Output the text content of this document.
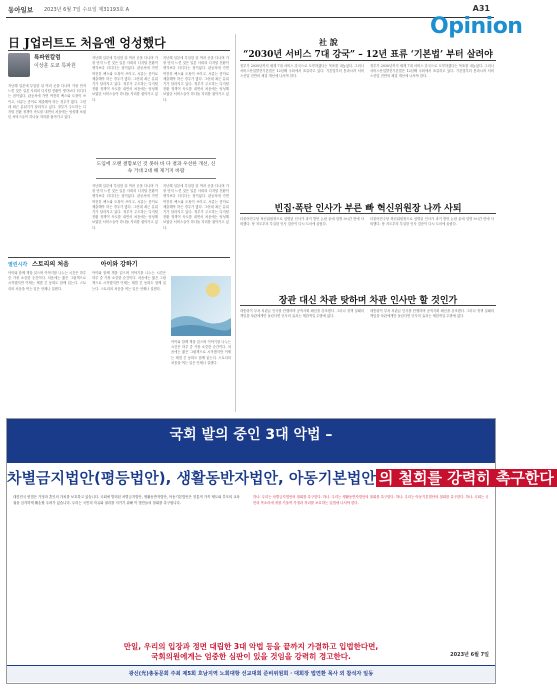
동아일보 2023년 6월 7일 수요일 제31193호 A	A31
Opinion
日 J업러트도 처음엔 엉성했다
특파원칼럼
이상훈 도쿄 특파원
지난해 일본에 부임한 뒤 여러 곳을 다니며 가장 먼저 느낀 것은 일본 사회의 디지털 전환이 생각보다 더디다는 점이었다. 관공서에 가면 여전히 팩스와 도장이 쓰이고, 서류는 종이로 제출해야 하는 경우가 많다. 그런데 최근 분위기가 달라지고 있다. 정부가 주도하는 디지털 전환 정책이 속도를 내면서 처음에는 엉성해 보였던 서비스들이 하나둘 자리를 잡아가고 있다.
지난해 일본에 부임한 뒤 여러 곳을 다니며 가장 먼저 느낀 것은 일본 사회의 디지털 전환이 생각보다 더디다는 점이었다. 관공서에 가면 여전히 팩스와 도장이 쓰이고, 서류는 종이로 제출해야 하는 경우가 많다. 그런데 최근 분위기가 달라지고 있다. 정부가 주도하는 디지털 전환 정책이 속도를 내면서 처음에는 엉성해 보였던 서비스들이 하나둘 자리를 잡아가고 있다.
지난해 일본에 부임한 뒤 여러 곳을 다니며 가장 먼저 느낀 것은 일본 사회의 디지털 전환이 생각보다 더디다는 점이었다. 관공서에 가면 여전히 팩스와 도장이 쓰이고, 서류는 종이로 제출해야 하는 경우가 많다. 그런데 최근 분위기가 달라지고 있다. 정부가 주도하는 디지털 전환 정책이 속도를 내면서 처음에는 엉성해 보였던 서비스들이 하나둘 자리를 잡아가고 있다.
도입에 오랜 결함보인 것 못하 바 다 결과 우선한 개선, 신속 거대 2대 해 제거지 바람
지난해 일본에 부임한 뒤 여러 곳을 다니며 가장 먼저 느낀 것은 일본 사회의 디지털 전환이 생각보다 더디다는 점이었다. 관공서에 가면 여전히 팩스와 도장이 쓰이고, 서류는 종이로 제출해야 하는 경우가 많다. 그런데 최근 분위기가 달라지고 있다. 정부가 주도하는 디지털 전환 정책이 속도를 내면서 처음에는 엉성해 보였던 서비스들이 하나둘 자리를 잡아가고 있다.
지난해 일본에 부임한 뒤 여러 곳을 다니며 가장 먼저 느낀 것은 일본 사회의 디지털 전환이 생각보다 더디다는 점이었다. 관공서에 가면 여전히 팩스와 도장이 쓰이고, 서류는 종이로 제출해야 하는 경우가 많다. 그런데 최근 분위기가 달라지고 있다. 정부가 주도하는 디지털 전환 정책이 속도를 내면서 처음에는 엉성해 보였던 서비스들이 하나둘 자리를 잡아가고 있다.
열린시각 스토리의 처음	아이와 강하기
아이와 함께 책을 읽으며 이야기를 나누는 시간은 하루 중 가장 소중한 순간이다. 처음에는 짧은 그림책으로 시작했지만 이제는 제법 긴 동화도 함께 읽는다. 스토리의 처음을 여는 일은 언제나 설렌다.
아이와 함께 책을 읽으며 이야기를 나누는 시간은 하루 중 가장 소중한 순간이다. 처음에는 짧은 그림책으로 시작했지만 이제는 제법 긴 동화도 함께 읽는다. 스토리의 처음을 여는 일은 언제나 설렌다.
아이와 함께 책을 읽으며 이야기를 나누는 시간은 하루 중 가장 소중한 순간이다. 처음에는 짧은 그림책으로 시작했지만 이제는 제법 긴 동화도 함께 읽는다. 스토리의 처음을 여는 일은 언제나 설렌다.
社 說
“2030년 서비스 7대 강국” – 12년 표류 ‘기본법’ 부터 살려야
정부가 2030년까지 세계 7대 서비스 강국으로 도약하겠다는 목표를 내놓았다. 그러나 서비스산업발전기본법은 12년째 국회에서 표류하고 있다. 기본법부터 통과시켜 서비스산업 전반의 체질 개선에 나서야 한다.
정부가 2030년까지 세계 7대 서비스 강국으로 도약하겠다는 목표를 내놓았다. 그러나 서비스산업발전기본법은 12년째 국회에서 표류하고 있다. 기본법부터 통과시켜 서비스산업 전반의 체질 개선에 나서야 한다.
빈집·폭탄 인사가 부른 빠 혁신위원장 나까 사퇴
더불어민주당 혁신위원장으로 임명된 인사가 과거 발언 논란 끝에 임명 9시간 만에 사퇴했다. 당 지도부의 부실한 인사 검증이 다시 도마에 올랐다.
더불어민주당 혁신위원장으로 임명된 인사가 과거 발언 논란 끝에 임명 9시간 만에 사퇴했다. 당 지도부의 부실한 인사 검증이 다시 도마에 올랐다.
장관 대신 차관 탓하며 차관 인사만 할 것인가
대통령이 부처 차관급 인사를 단행하며 공직사회 쇄신을 강조했다. 그러나 정책 실패의 책임을 차관에게만 돌린다면 인사의 효과는 제한적일 수밖에 없다.
대통령이 부처 차관급 인사를 단행하며 공직사회 쇄신을 강조했다. 그러나 정책 실패의 책임을 차관에게만 돌린다면 인사의 효과는 제한적일 수밖에 없다.
국회 발의 중인 3대 악법 –
차별금지법안(평등법안), 생활동반자법안, 아동기본법안 의 철회를 강력히 촉구한다
대한민국 헌법은 가정과 혼인의 가치를 보호하고 있습니다. 국회에 발의된 차별금지법안, 생활동반자법안, 아동기본법안은 전통적 가족 제도와 부모의 교육권을 심각하게 훼손할 우려가 있습니다. 우리는 국민의 자유와 권리를 지키기 위해 이 법안들의 철회를 촉구합니다.
하나. 우리는 차별금지법안의 철회를 촉구한다. 하나. 우리는 생활동반자법안의 철회를 촉구한다. 하나. 우리는 아동기본법안의 철회를 촉구한다. 하나. 국회는 국민의 목소리에 귀를 기울여 가정과 자녀를 보호하는 입법에 나서야 한다.
만일, 우리의 입장과 정면 대립한 3대 악법 등을 끝까지 가결하고 입법한다면,
국회의원에게는 엄중한 심판이 있을 것임을 강력히 경고한다.	2023년 6월 7일
광신(光)총동문회 주최 제5회 호남지역 노회대항 선교대회 준비위원회 · 대회장 법연환 목사 외 참석자 일동
